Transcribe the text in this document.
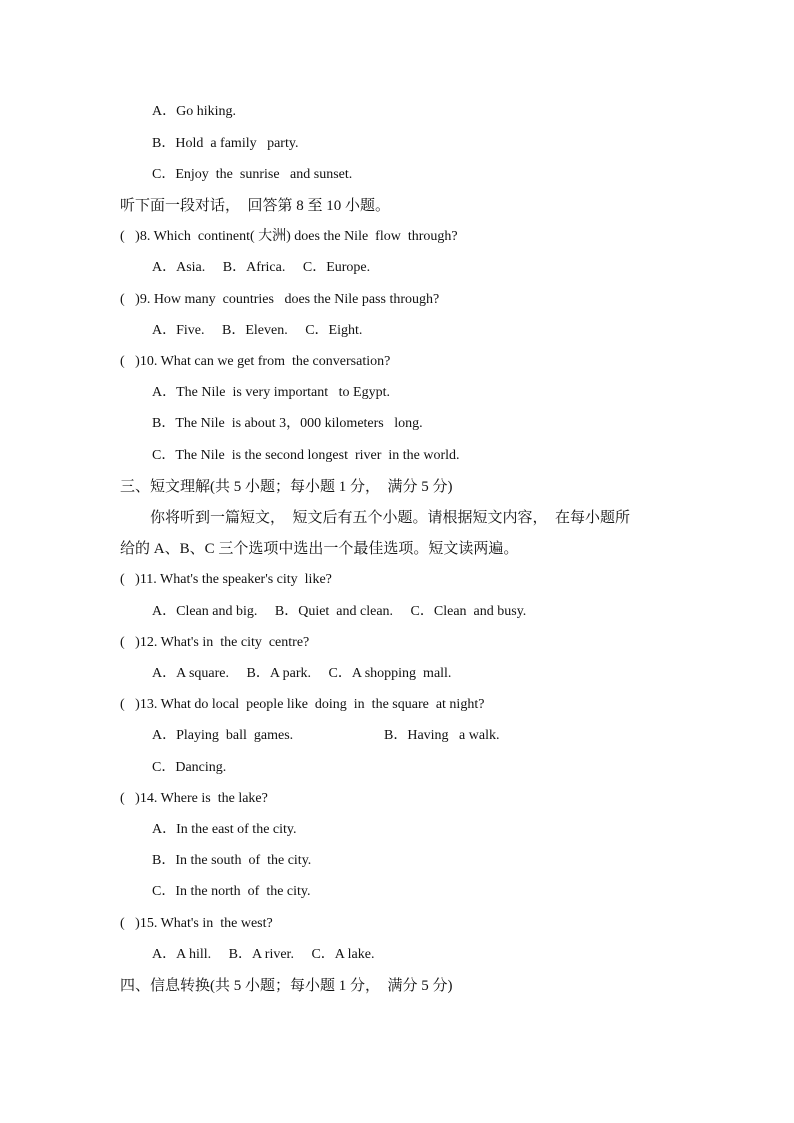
A．Go hiking.
B．Hold  a family   party.
C．Enjoy  the  sunrise   and sunset.
听下面一段对话，  回答第 8 至 10 小题。
(   )8. Which  continent( 大洲) does the Nile  flow  through?
A．Asia.     B．Africa.     C．Europe.
(   )9. How many  countries   does the Nile pass through?
A．Five.     B．Eleven.     C．Eight.
(   )10. What can we get from  the conversation?
A．The Nile  is very important   to Egypt.
B．The Nile  is about 3，000 kilometers   long.
C．The Nile  is the second longest  river  in the world.
三、短文理解(共 5 小题；每小题 1 分，  满分 5 分)
你将听到一篇短文，  短文后有五个小题。请根据短文内容，  在每小题所
给的 A、B、C 三个选项中选出一个最佳选项。短文读两遍。
(   )11. What's the speaker's city  like?
A．Clean and big.     B．Quiet  and clean.     C．Clean  and busy.
(   )12. What's in  the city  centre?
A．A square.     B．A park.     C．A shopping  mall.
(   )13. What do local  people like  doing  in  the square  at night?
A．Playing  ball  games.	B．Having   a walk.
C．Dancing.
(   )14. Where is  the lake?
A．In the east of the city.
B．In the south  of  the city.
C．In the north  of  the city.
(   )15. What's in  the west?
A．A hill.     B．A river.     C．A lake.
四、信息转换(共 5 小题；每小题 1 分，  满分 5 分)
